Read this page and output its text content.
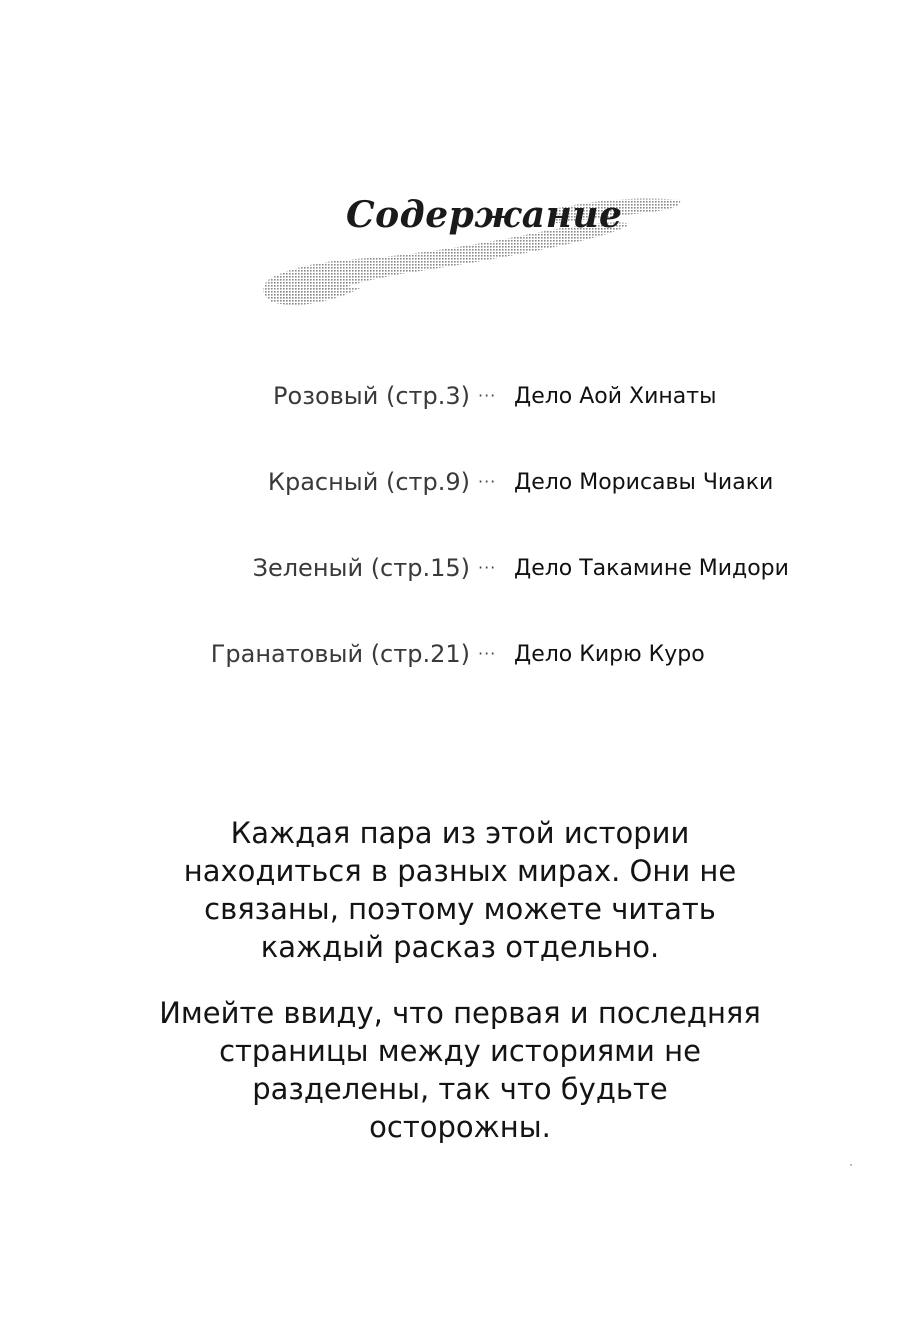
Содержание
Розовый (стр.3) ··· Дело Аой Хинаты
Красный (стр.9) ··· Дело Морисавы Чиаки
Зеленый (стр.15) ··· Дело Такамине Мидори
Гранатовый (стр.21) ··· Дело Кирю Куро

Каждая пара из этой истории
находиться в разных мирах. Они не
связаны, поэтому можете читать
каждый расказ отдельно.

Имейте ввиду, что первая и последняя
страницы между историями не
разделены, так что будьте
осторожны.
